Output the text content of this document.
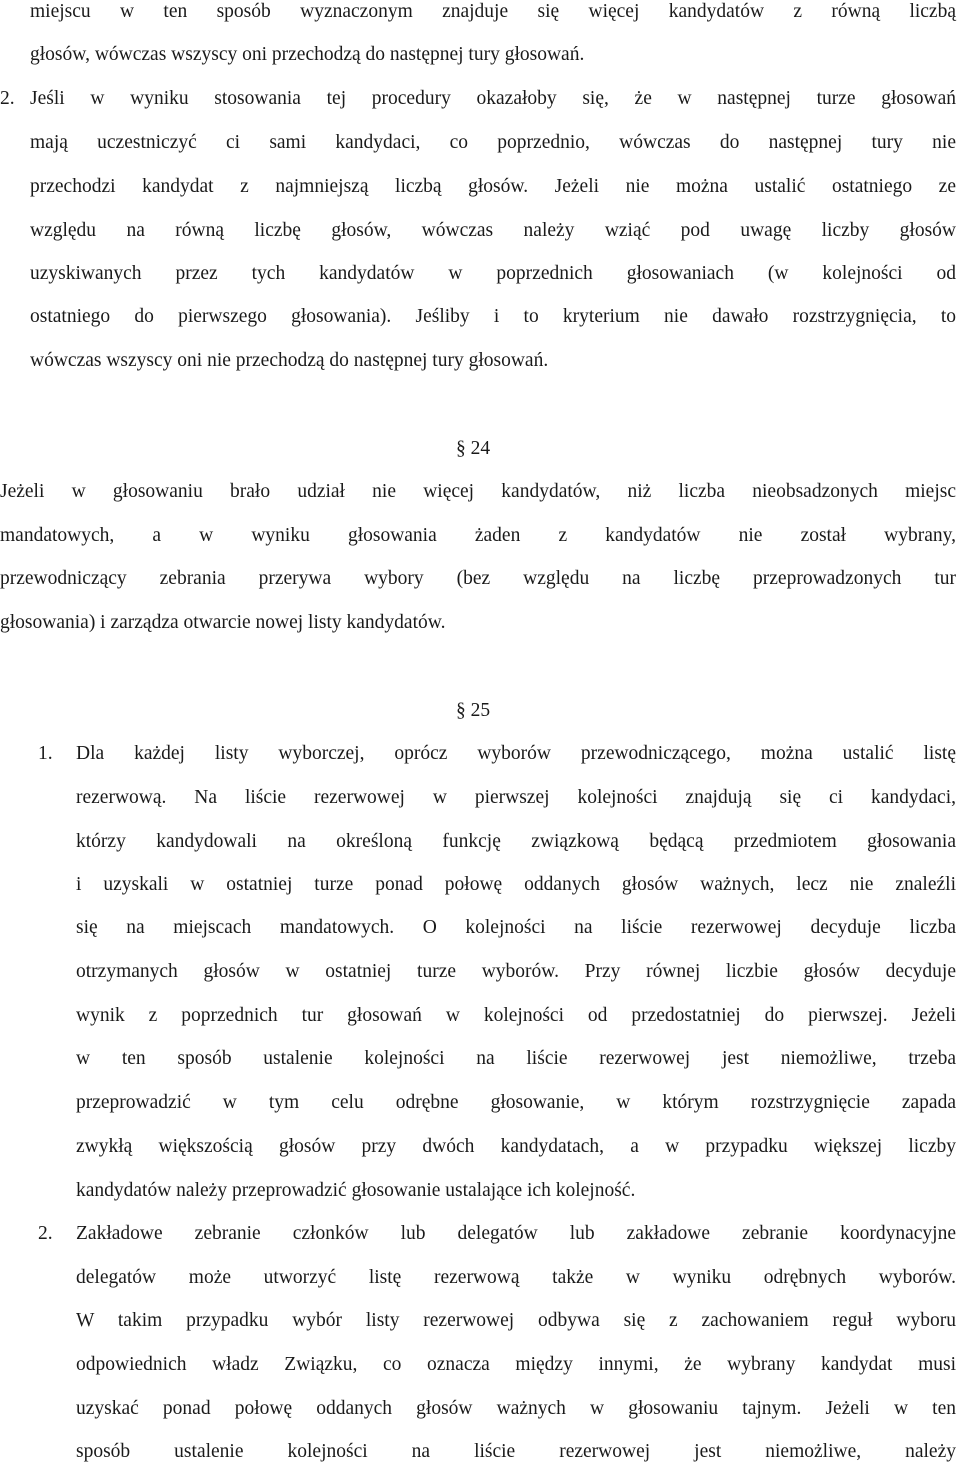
miejscu w ten sposób wyznaczonym znajduje się więcej kandydatów z równą liczbą
głosów, wówczas wszyscy oni przechodzą do następnej tury głosowań.
2. Jeśli w wyniku stosowania tej procedury okazałoby się, że w następnej turze głosowań
mają uczestniczyć ci sami kandydaci, co poprzednio, wówczas do następnej tury nie
przechodzi kandydat z najmniejszą liczbą głosów. Jeżeli nie można ustalić ostatniego ze
względu na równą liczbę głosów, wówczas należy wziąć pod uwagę liczby głosów
uzyskiwanych przez tych kandydatów w poprzednich głosowaniach (w kolejności od
ostatniego do pierwszego głosowania). Jeśliby i to kryterium nie dawało rozstrzygnięcia, to
wówczas wszyscy oni nie przechodzą do następnej tury głosowań.
§ 24
Jeżeli w głosowaniu brało udział nie więcej kandydatów, niż liczba nieobsadzonych miejsc
mandatowych, a w wyniku głosowania żaden z kandydatów nie został wybrany,
przewodniczący zebrania przerywa wybory (bez względu na liczbę przeprowadzonych tur
głosowania) i zarządza otwarcie nowej listy kandydatów.
§ 25
1. Dla każdej listy wyborczej, oprócz wyborów przewodniczącego, można ustalić listę
rezerwową. Na liście rezerwowej w pierwszej kolejności znajdują się ci kandydaci,
którzy kandydowali na określoną funkcję związkową będącą przedmiotem głosowania
i uzyskali w ostatniej turze ponad połowę oddanych głosów ważnych, lecz nie znaleźli
się na miejscach mandatowych. O kolejności na liście rezerwowej decyduje liczba
otrzymanych głosów w ostatniej turze wyborów. Przy równej liczbie głosów decyduje
wynik z poprzednich tur głosowań w kolejności od przedostatniej do pierwszej. Jeżeli
w ten sposób ustalenie kolejności na liście rezerwowej jest niemożliwe, trzeba
przeprowadzić w tym celu odrębne głosowanie, w którym rozstrzygnięcie zapada
zwykłą większością głosów przy dwóch kandydatach, a w przypadku większej liczby
kandydatów należy przeprowadzić głosowanie ustalające ich kolejność.
2. Zakładowe zebranie członków lub delegatów lub zakładowe zebranie koordynacyjne
delegatów może utworzyć listę rezerwową także w wyniku odrębnych wyborów.
W takim przypadku wybór listy rezerwowej odbywa się z zachowaniem reguł wyboru
odpowiednich władz Związku, co oznacza między innymi, że wybrany kandydat musi
uzyskać ponad połowę oddanych głosów ważnych w głosowaniu tajnym. Jeżeli w ten
sposób ustalenie kolejności na liście rezerwowej jest niemożliwe, należy
